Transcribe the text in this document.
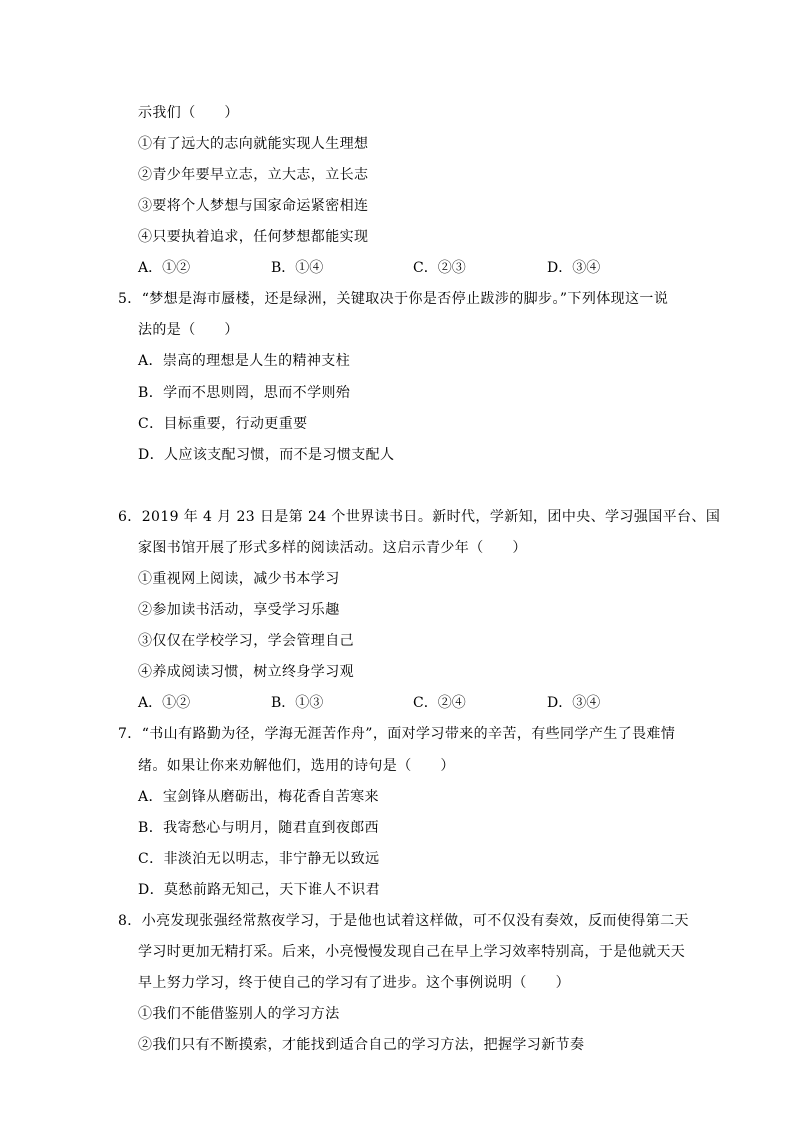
示我们（　　）
①有了远大的志向就能实现人生理想
②青少年要早立志，立大志，立长志
③要将个人梦想与国家命运紧密相连
④只要执着追求，任何梦想都能实现
A．①②	B．①④	C．②③	D．③④
5．“梦想是海市蜃楼，还是绿洲，关键取决于你是否停止跋涉的脚步。”下列体现这一说
法的是（　　）
A．崇高的理想是人生的精神支柱
B．学而不思则罔，思而不学则殆
C．目标重要，行动更重要
D．人应该支配习惯，而不是习惯支配人
6．2019 年 4 月 23 日是第 24 个世界读书日。新时代，学新知，团中央、学习强国平台、国
家图书馆开展了形式多样的阅读活动。这启示青少年（　　）
①重视网上阅读，减少书本学习
②参加读书活动，享受学习乐趣
③仅仅在学校学习，学会管理自己
④养成阅读习惯，树立终身学习观
A．①②	B．①③	C．②④	D．③④
7．“书山有路勤为径，学海无涯苦作舟”，面对学习带来的辛苦，有些同学产生了畏难情
绪。如果让你来劝解他们，选用的诗句是（　　）
A．宝剑锋从磨砺出，梅花香自苦寒来
B．我寄愁心与明月，随君直到夜郎西
C．非淡泊无以明志，非宁静无以致远
D．莫愁前路无知己，天下谁人不识君
8．小亮发现张强经常熬夜学习，于是他也试着这样做，可不仅没有奏效，反而使得第二天
学习时更加无精打采。后来，小亮慢慢发现自己在早上学习效率特别高，于是他就天天
早上努力学习，终于使自己的学习有了进步。这个事例说明（　　）
①我们不能借鉴别人的学习方法
②我们只有不断摸索，才能找到适合自己的学习方法，把握学习新节奏
